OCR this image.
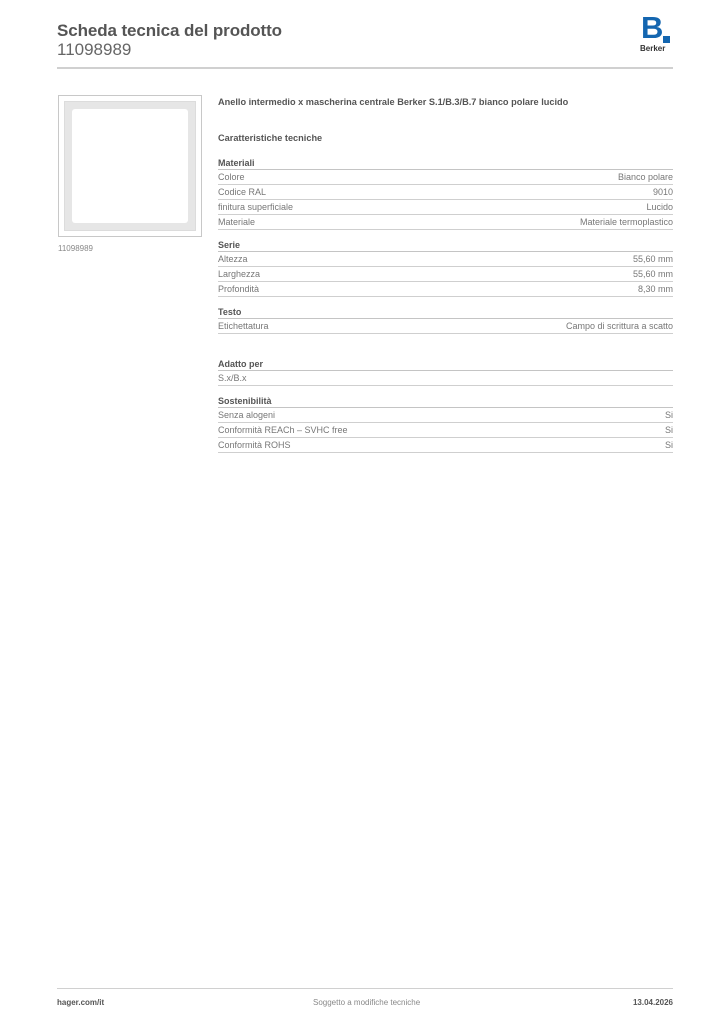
Scheda tecnica del prodotto
11098989
B
Berker
11098989
Anello intermedio x mascherina centrale Berker S.1/B.3/B.7 bianco polare lucido
Caratteristiche tecniche
Materiali
Colore	Bianco polare
Codice RAL	9010
finitura superficiale	Lucido
Materiale	Materiale termoplastico
Serie
Altezza	55,60 mm
Larghezza	55,60 mm
Profondità	8,30 mm
Testo
Etichettatura	Campo di scrittura a scatto
Adatto per
S.x/B.x
Sostenibilità
Senza alogeni	Si
Conformità REACh – SVHC free	Si
Conformità ROHS	Si
hager.com/it	Soggetto a modifiche tecniche	13.04.2026
